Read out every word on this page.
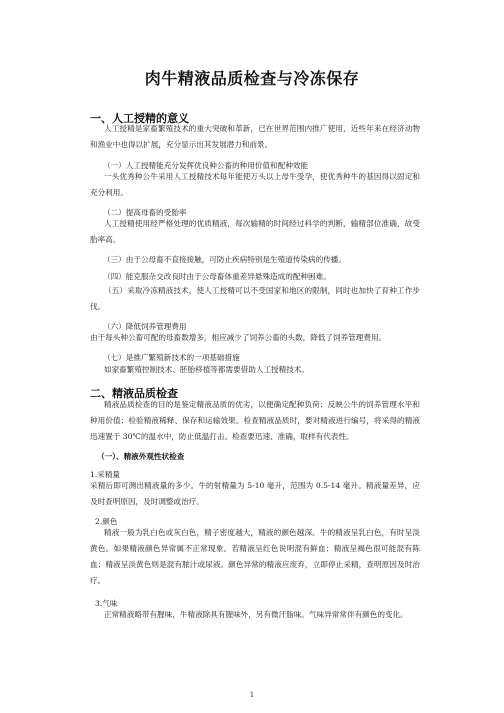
肉牛精液品质检查与冷冻保存
一、人工授精的意义

人工授精是家畜繁殖技术的重大突破和革新，已在世界范围内推广使用，近些年来在经济动物和渔业中也得以扩展，充分显示出其发展潜力和前景。

（一）人工授精能充分发挥优良种公畜的种用价值和配种效能

一头优秀种公牛采用人工授精技术每年能使万头以上母牛受孕，使优秀种牛的基因得以固定和充分利用。

（二）提高母畜的受胎率

人工授精使用经严格处理的优质精液，每次输精的时间经过科学的判断，输精部位准确，故受胎率高。

（三）由于公母畜不直接接触，可防止疾病特别是生殖道传染病的传播。
（四）能克服杂交改良时由于公母畜体重差异悬殊造成的配种困难。

（五）采取冷冻精液技术，使人工授精可以不受国家和地区的限制，同时也加快了育种工作步伐。

（六）降低饲养管理费用

由于每头种公畜可配的母畜数增多，相应减少了饲养公畜的头数，降低了饲养管理费用。

（七）是推广繁殖新技术的一项基础措施

如家畜繁殖控制技术、胚胎移植等都需要借助人工授精技术。

二、精液品质检查

精液品质检查的目的是鉴定精液品质的优劣，以便确定配种负荷；反映公牛的饲养管理水平和种用价值；检验精液稀释、保存和运输效果。检查精液品质时，要对精液进行编号，将采得的精液迅速置于 30℃的温水中，防止低温打击。检查要迅速、准确，取样有代表性。

（一）、精液外观性状检查
1.采精量

采精后即可测出精液量的多少。牛的射精量为 5-10 毫升，范围为 0.5-14 毫升。精液量差异，应及时查明原因，及时调整或治疗。

2.颜色

精液一般为乳白色或灰白色，精子密度越大，精液的颜色越深。牛的精液呈乳白色，有时呈淡黄色。如果精液颜色异常属不正常现象。若精液呈红色说明混有鲜血；精液呈褐色很可能混有陈血；精液呈淡黄色则是混有脓汁或尿液。颜色异常的精液应废弃，立即停止采精，查明原因及时治疗。

3.气味

正常精液略带有腥味，牛精液除具有腥味外，另有微汗脂味。气味异常常伴有颜色的变化。

1
